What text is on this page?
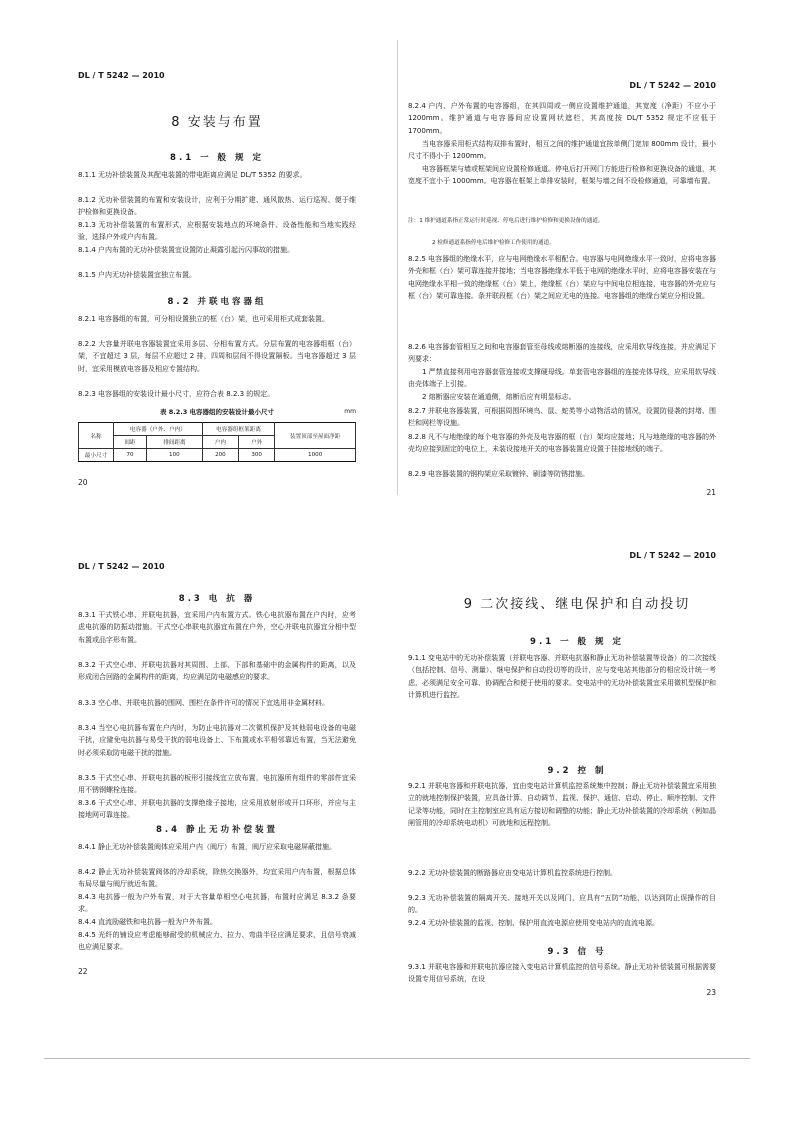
DL / T 5242 — 2010
8 安装与布置
8.1 一 般 规 定

8.1.1 无功补偿装置及其配电装置的带电距离应满足 DL/T 5352 的要求。

8.1.2 无功补偿装置的布置和安装设计，应利于分期扩建、通风散热、运行巡视、便于维护检修和更换设备。

8.1.3 无功补偿装置的布置形式，应根据安装地点的环境条件、设备性能和当地实践经验，选择户外或户内布置。

8.1.4 户内布置的无功补偿装置宜设置防止凝露引起污闪事故的措施。

8.1.5 户内无功补偿装置宜独立布置。

8.2 并联电容器组

8.2.1 电容器组的布置，可分相设置独立的框（台）架，也可采用柜式成套装置。

8.2.2 大容量并联电容器装置宜采用多层、分相布置方式。分层布置的电容器组框（台）架，不宜超过 3 层，每层不应超过 2 排，四周和层间不得设置隔板。当电容器超过 3 层时，宜采用模放电容器及相应专置结构。

8.2.3 电容器组的安装设计最小尺寸，应符合表 8.2.3 的规定。

表 8.2.3 电容器组的安装设计最小尺寸	mm
名称	电容器（户外、户内）		电容器组框架距离		装置顶部至屋面净距
	间距	排间距离	户内	户外	
最小尺寸	70	100	200	300	1000
20
DL / T 5242 — 2010

8.2.4 户内、户外布置的电容器组，在其四周或一侧应设置维护通道，其宽度（净距）不应小于 1200mm。维护通道与电容器间应设置网状遮栏，其高度按 DL/T 5352 规定不应低于 1700mm。

当电容器采用柜式结构双排布置时，相互之间的维护通道宜按单侧门宽加 800mm 设计，最小尺寸不得小于 1200mm。

电容器框架与墙或框架间应设置检修通道。停电后打开网门方能进行检修和更换设备的通道，其宽度不宜小于 1000mm。电容器在框架上单排安装时，框架与墙之间不设检修通道，可靠墙布置。

注：1 维护通道系指正常运行时巡视、停电后进行维护检修和更换设备的通道。

2 检修通道系指停电后维护检修工作使用的通道。

8.2.5 电容器组的绝缘水平，应与电网绝缘水平相配合。电容器与电网绝缘水平一致时，应将电容器外壳和框（台）架可靠连接并接地；当电容器绝缘水平低于电网的绝缘水平时，应将电容器安装在与电网绝缘水平相一致的绝缘框（台）架上，绝缘框（台）架应与中间电位相连接，电容器的外壳应与框（台）架可靠连接。条并联段框（台）架之间应无电的连接。电容器组的绝缘台架应分相设置。

8.2.6 电容器套管相互之间和电容器套管至母线或熔断器的连接线，应采用软导线连接，并应满足下列要求：

1 严禁直接利用电容器套管连接或支撑硬母线。单套管电容器组的连接壳体导线，应采用软导线由壳体端子上引接。

2 熔断器应安装在通道侧，熔断后应有明显标志。

8.2.7 并联电容器装置，可根据周围环境鸟、鼠、蛇类等小动物活动的情况，设置防侵袭的封堵、围栏和网栏等设施。

8.2.8 凡不与地绝缘的每个电容器的外壳及电容器的框（台）架均应接地；凡与地绝缘的电容器的外壳均应接到固定的电位上，未装设接地开关的电容器装置应设置于挂接地线的端子。

8.2.9 电容器装置的钢构架应采取镀锌、刷漆等防锈措施。

21
DL / T 5242 — 2010
8.3 电 抗 器

8.3.1 干式铁心串、并联电抗器，宜采用户内布置方式。铁心电抗器布置在户内时，应考虑电抗器的防振动措施。干式空心串联电抗器宜布置在户外，空心并联电抗器宜分相中型布置或品字形布置。

8.3.2 干式空心串、并联电抗器对其周围、上部、下部和基础中的金属构件的距离，以及形成闭合回路的金属构件的距离，均应满足防电磁感应的要求。

8.3.3 空心串、并联电抗器的围网、围栏在条件许可的情况下宜选用非金属材料。

8.3.4 当空心电抗器布置在户内时，为防止电抗器对二次微机保护及其他弱电设备的电磁干扰，应避免电抗器与易受干扰的弱电设备上、下布置或水平相邻靠近布置，当无法避免时必须采取防电磁干扰的措施。

8.3.5 干式空心串、并联电抗器的板形引接线宜立放布置，电抗器所有组件的零部件宜采用不锈钢螺栓连接。

8.3.6 干式空心串、并联电抗器的支撑绝缘子接地，应采用放射形或开口环形，并应与主接地网可靠连接。

8.4 静止无功补偿装置

8.4.1 静止无功补偿装置阀体应采用户内（阀厅）布置，阀厅应采取电磁屏蔽措施。

8.4.2 静止无功补偿装置阀体的冷却系统，除热交换器外，均宜采用户内布置，根据总体布局尽量与阀厅就近布置。

8.4.3 电抗器一般为户外布置，对于大容量单相空心电抗器，布置时应满足 8.3.2 条要求。

8.4.4 直流励磁铁和电抗器一般为户外布置。

8.4.5 光纤的铺设应考虑能够耐受的机械应力、拉力、弯曲半径应满足要求，且信号衰减也应满足要求。

22
DL / T 5242 — 2010
9 二次接线、继电保护和自动投切
9.1 一 般 规 定

9.1.1 变电站中的无功补偿装置（并联电容器、并联电抗器和静止无功补偿装置等设备）的二次接线（包括控制、信号、测量）、继电保护和自动投切等的设计，应与变电站其他部分的相应设计统一考虑，必须满足安全可靠、协调配合和便于使用的要求。变电站中的无功补偿装置宜采用微机型保护和计算机进行监控。

9.2 控 制

9.2.1 并联电容器和并联电抗器，宜由变电站计算机监控系统集中控制；静止无功补偿装置宜采用独立的就地控制保护装置，应具备计算、自动调节、监视、保护、通信、启动、停止、顺序控制、文件记录等功能，同时在主控制室应具有运方接切和调整的功能；静止无功补偿装置的冷却系统（例如晶闸管用的冷却系统电动机）可就地和远程控制。

9.2.2 无功补偿装置的断路器应由变电站计算机监控系统进行控制。

9.2.3 无功补偿装置的隔离开关、接地开关以及网门，应具有“五防”功能，以达到防止误操作的目的。

9.2.4 无功补偿装置的监视、控制、保护用直流电源应使用变电站内的直流电源。

9.3 信 号

9.3.1 并联电容器和并联电抗器应接入变电站计算机监控的信号系统。静止无功补偿装置可根据需要设置专用信号系统，在设

23
